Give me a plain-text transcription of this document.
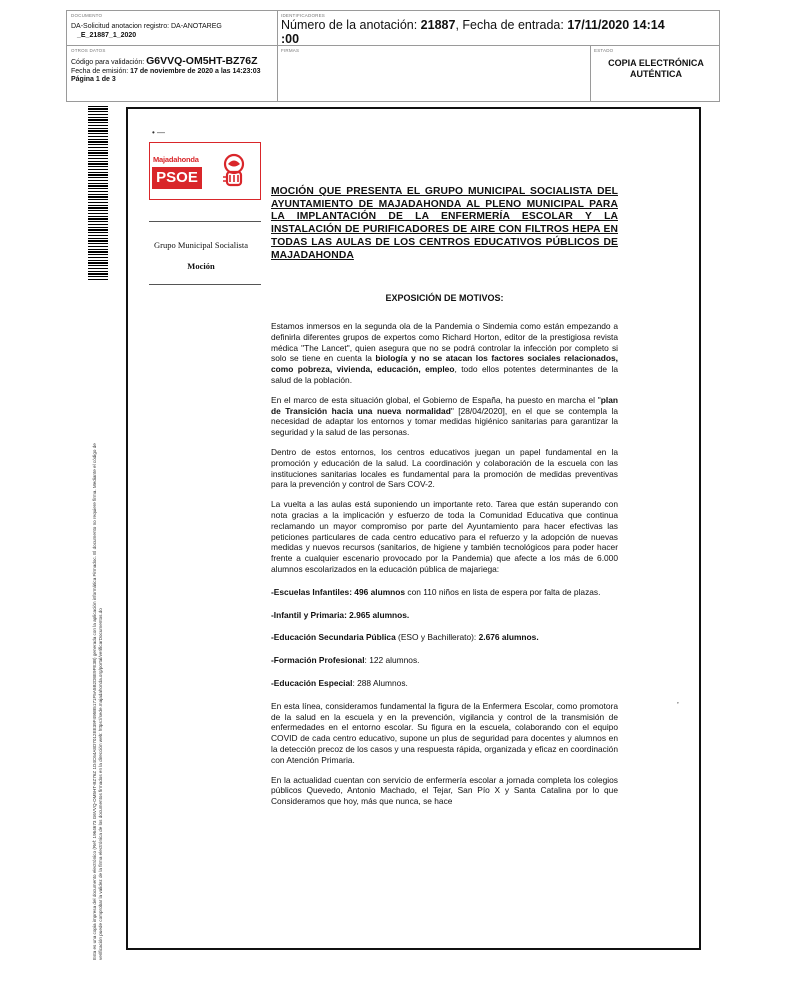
DOCUMENTO
DA-Solicitud anotacion registro: DA-ANOTAREG
_E_21887_1_2020
IDENTIFICADORES
Número de la anotación: 21887, Fecha de entrada: 17/11/2020 14:14
:00
OTROS DATOS
Código para validación: G6VVQ-OM5HT-BZ76Z
Fecha de emisión: 17 de noviembre de 2020 a las 14:23:03
Página 1 de 3
FIRMAS	ESTADO
COPIA ELECTRÓNICA
AUTÉNTICA
Esta es una copia impresa del documento electrónico (Ref: 1964673 G6VVQ-OM5HT-BZ76Z 1D4C64A8D7012EE39F495B5171F5A5B2D8E9FE3B) generada con la aplicación informática Firmadoc. El documento no requiere firma. Mediante el código de verificación puede comprobar la validez de la firma electrónica de los documentos firmados en la dirección web: https://sede.majadahonda.org/portal/verificarDocumentos.do
• —
Majadahonda
PSOE
Grupo Municipal Socialista
Moción
MOCIÓN QUE PRESENTA EL GRUPO MUNICIPAL SOCIALISTA DEL AYUNTAMIENTO DE MAJADAHONDA AL PLENO MUNICIPAL PARA LA IMPLANTACIÓN DE LA ENFERMERÍA ESCOLAR Y LA INSTALACIÓN DE PURIFICADORES DE AIRE CON FILTROS HEPA EN TODAS LAS AULAS DE LOS CENTROS EDUCATIVOS PÚBLICOS DE MAJADAHONDA
EXPOSICIÓN DE MOTIVOS:

Estamos inmersos en la segunda ola de la Pandemia o Sindemia como están empezando a definirla diferentes grupos de expertos como Richard Horton, editor de la prestigiosa revista médica "The Lancet", quien asegura que no se podrá controlar la infección por completo si solo se tiene en cuenta la biología y no se atacan los factores sociales relacionados, como pobreza, vivienda, educación, empleo, todo ellos potentes determinantes de la salud de la población.

En el marco de esta situación global, el Gobierno de España, ha puesto en marcha el "plan de Transición hacia una nueva normalidad" [28/04/2020], en el que se contempla la necesidad de adaptar los entornos y tomar medidas higiénico sanitarias para garantizar la seguridad y la salud de las personas.

Dentro de estos entornos, los centros educativos juegan un papel fundamental en la promoción y educación de la salud. La coordinación y colaboración de la escuela con las instituciones sanitarias locales es fundamental para la promoción de medidas preventivas para la prevención y control de Sars COV-2.

La vuelta a las aulas está suponiendo un importante reto. Tarea que están superando con nota gracias a la implicación y esfuerzo de toda la Comunidad Educativa que continua reclamando un mayor compromiso por parte del Ayuntamiento para hacer efectivas las peticiones particulares de cada centro educativo para el refuerzo y la adopción de nuevas medidas y nuevos recursos (sanitarios, de higiene y también tecnológicos para poder hacer frente a cualquier escenario provocado por la Pandemia) que afecte a los más de 6.000 alumnos escolarizados en la educación pública de majariega:

-Escuelas Infantiles: 496 alumnos con 110 niños en lista de espera por falta de plazas.

-Infantil y Primaria: 2.965 alumnos.

-Educación Secundaria Pública (ESO y Bachillerato): 2.676 alumnos.

-Formación Profesional: 122 alumnos.

-Educación Especial: 288 Alumnos.

En esta línea, consideramos fundamental la figura de la Enfermera Escolar, como promotora de la salud en la escuela y en la prevención, vigilancia y control de la transmisión de enfermedades en el entorno escolar. Su figura en la escuela, colaborando con el equipo COVID de cada centro educativo, supone un plus de seguridad para docentes y alumnos en la detección precoz de los casos y una respuesta rápida, organizada y eficaz en coordinación con Atención Primaria.

En la actualidad cuentan con servicio de enfermería escolar a jornada completa los colegios públicos Quevedo, Antonio Machado, el Tejar, San Pío X y Santa Catalina por lo que Consideramos que hoy, más que nunca, se hace

’
